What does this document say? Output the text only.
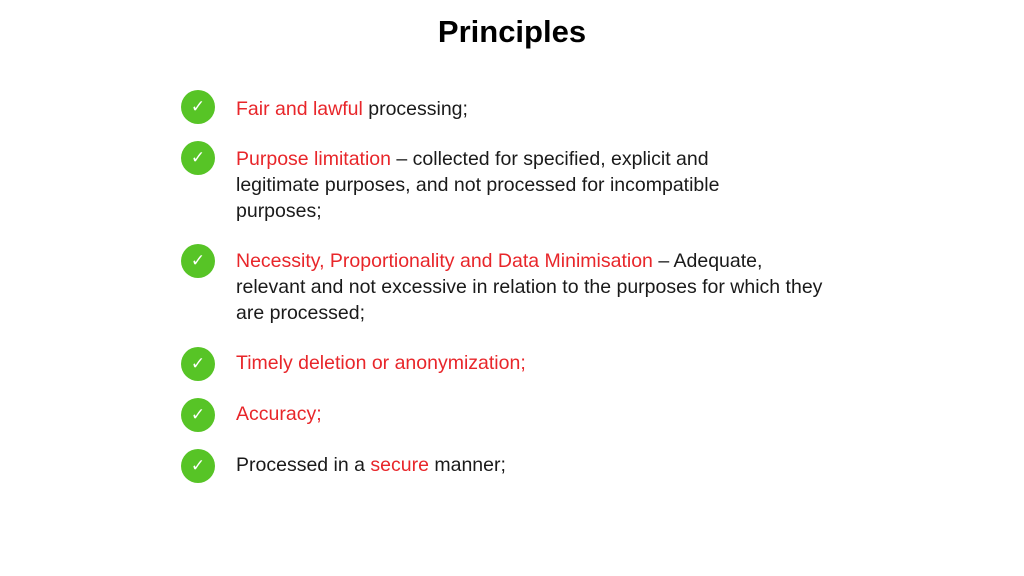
Principles
✓	Fair and lawful processing;
✓	Purpose limitation – collected for specified, explicit and legitimate purposes, and not processed for incompatible purposes;
✓	Necessity, Proportionality and Data Minimisation – Adequate, relevant and not excessive in relation to the purposes for which they are processed;
✓	Timely deletion or anonymization;
✓	Accuracy;
✓	Processed in a secure manner;
